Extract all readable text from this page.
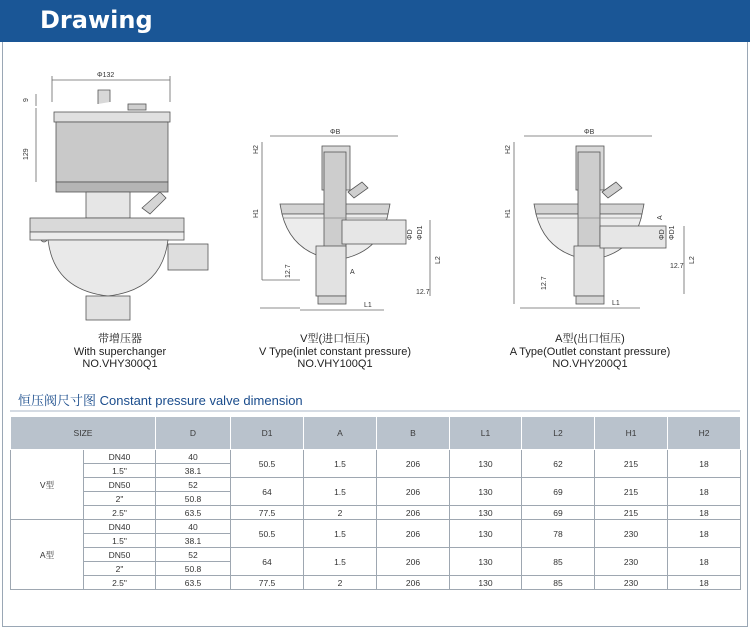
Drawing
Φ132
9
129
ΦB
H2
H1
ΦD ΦD1
L2
A
12.7
12.7
L1
ΦB
H2
H1
ΦD ΦD1
L2
A
12.7
12.7
L1
带增压器
With superchanger
NO.VHY300Q1
V型(进口恒压)
V Type(inlet constant pressure)
NO.VHY100Q1
A型(出口恒压)
A Type(Outlet constant pressure)
NO.VHY200Q1
恒压阀尺寸图 Constant pressure valve dimension
SIZE		D	D1	A	B	L1	L2	H1	H2
V型	DN40	40	50.5	1.5	206	130	62	215	18
	1.5"	38.1							
	DN50	52	64	1.5	206	130	69	215	18
	2"	50.8							
	2.5"	63.5	77.5	2	206	130	69	215	18
A型	DN40	40	50.5	1.5	206	130	78	230	18
	1.5"	38.1							
	DN50	52	64	1.5	206	130	85	230	18
	2"	50.8							
	2.5"	63.5	77.5	2	206	130	85	230	18
